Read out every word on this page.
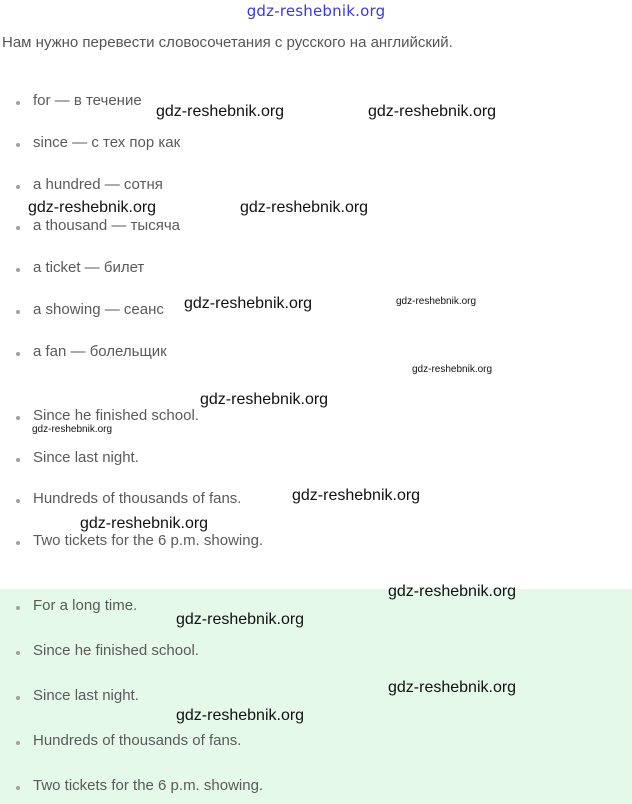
gdz-reshebnik.org
Нам нужно перевести словосочетания с русского на английский.
for — в течение
since — с тех пор как
a hundred — сотня
a thousand — тысяча
a ticket — билет
a showing — сеанс
a fan — болельщик
Since he finished school.
Since last night.
Hundreds of thousands of fans.
Two tickets for the 6 p.m. showing.
For a long time.
Since he finished school.
Since last night.
Hundreds of thousands of fans.
Two tickets for the 6 p.m. showing.
gdz-reshebnik.org	gdz-reshebnik.org
gdz-reshebnik.org	gdz-reshebnik.org
gdz-reshebnik.org	gdz-reshebnik.org
gdz-reshebnik.org
gdz-reshebnik.org
gdz-reshebnik.org
gdz-reshebnik.org
gdz-reshebnik.org
gdz-reshebnik.org
gdz-reshebnik.org
gdz-reshebnik.org
gdz-reshebnik.org
